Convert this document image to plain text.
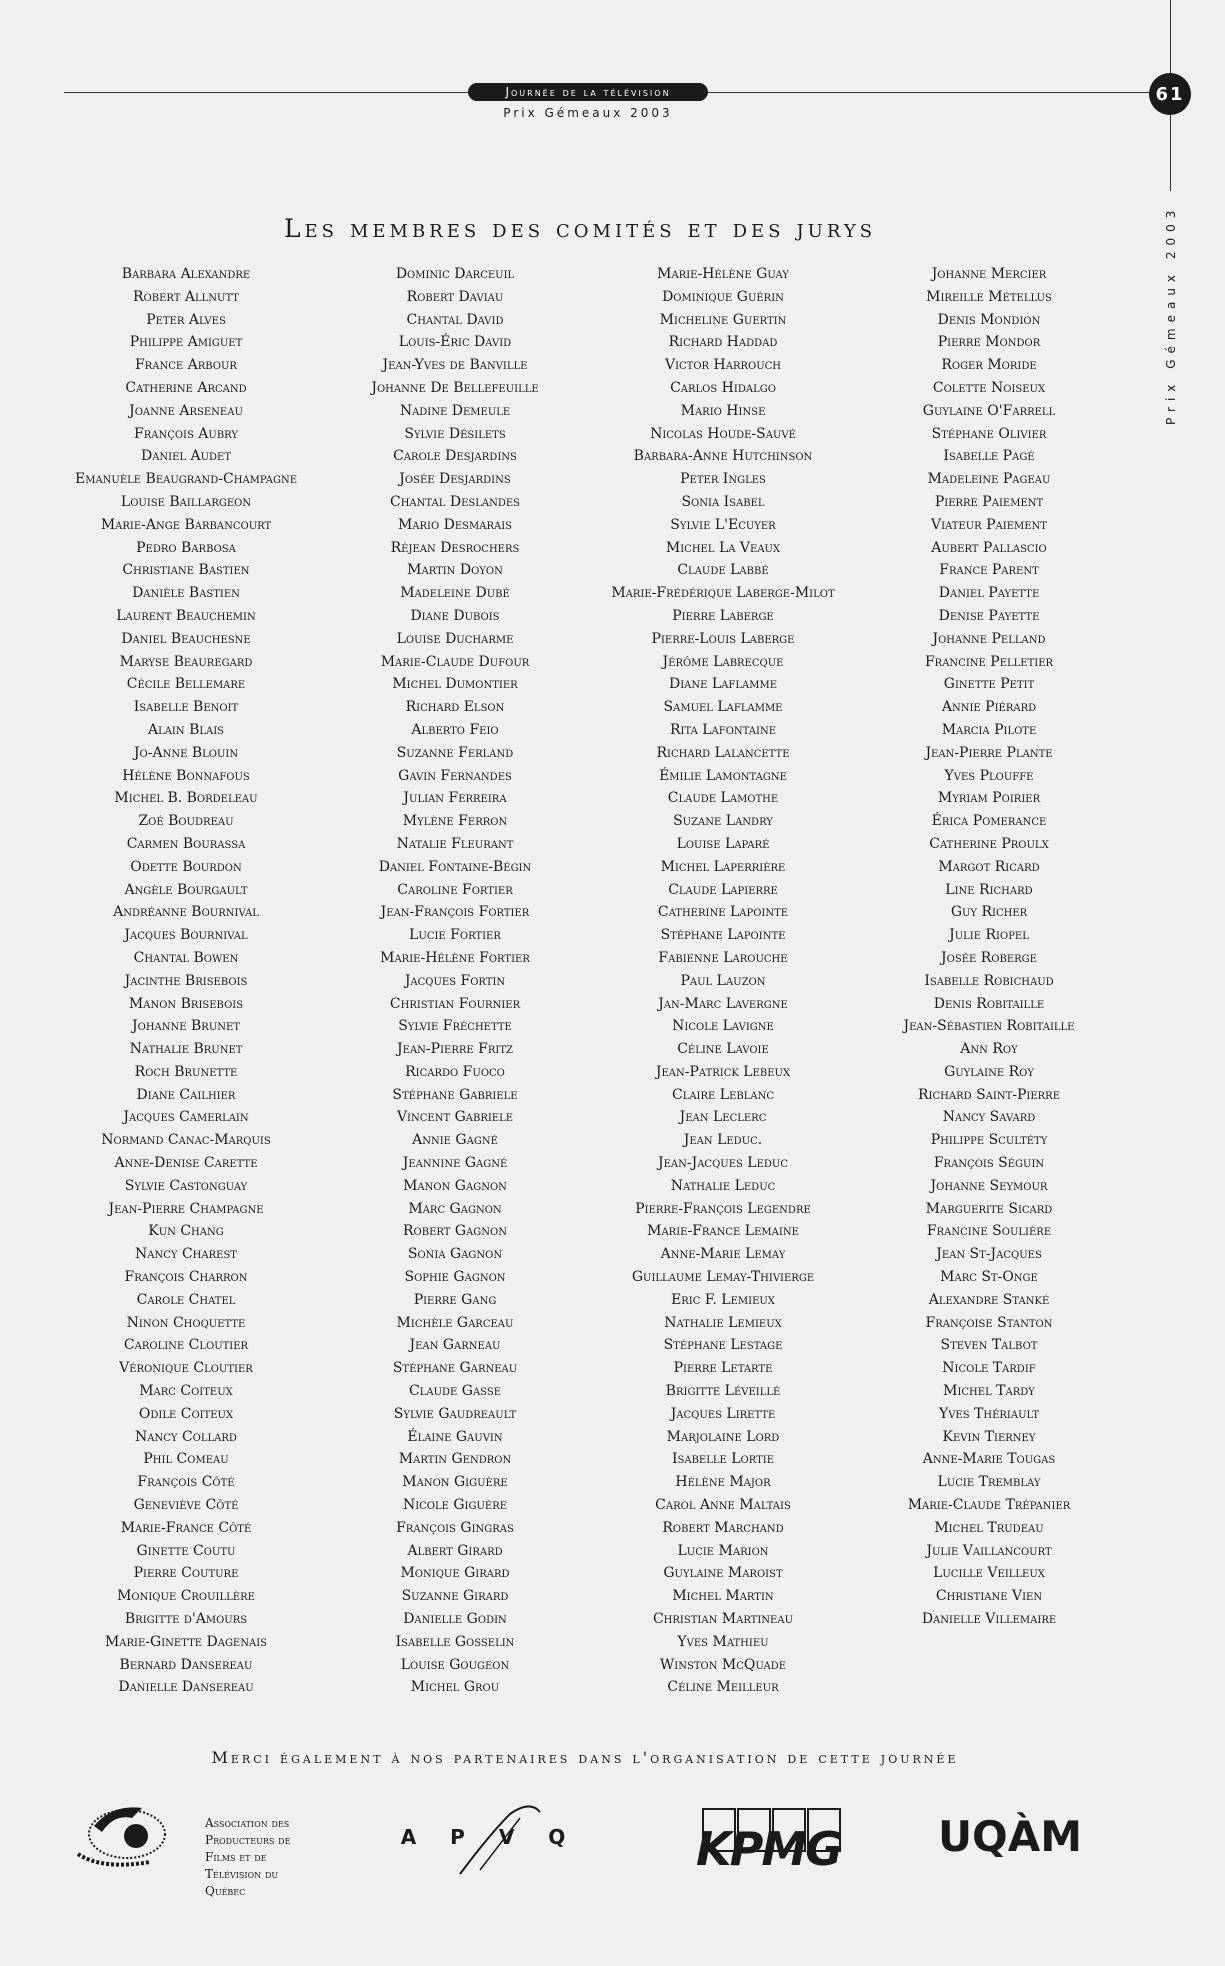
Journée de la télévision
Prix Gémeaux 2003
61
Prix Gémeaux 2003
Les membres des comités et des jurys
Barbara Alexandre
Robert Allnutt
Peter Alves
Philippe Amiguet
France Arbour
Catherine Arcand
Joanne Arseneau
François Aubry
Daniel Audet
Emanuèle Beaugrand-Champagne
Louise Baillargeon
Marie-Ange Barbancourt
Pedro Barbosa
Christiane Bastien
Danièle Bastien
Laurent Beauchemin
Daniel Beauchesne
Maryse Beauregard
Cécile Bellemare
Isabelle Benoit
Alain Blais
Jo-Anne Blouin
Hélène Bonnafous
Michel B. Bordeleau
Zoé Boudreau
Carmen Bourassa
Odette Bourdon
Angèle Bourgault
Andréanne Bournival
Jacques Bournival
Chantal Bowen
Jacinthe Brisebois
Manon Brisebois
Johanne Brunet
Nathalie Brunet
Roch Brunette
Diane Cailhier
Jacques Camerlain
Normand Canac-Marquis
Anne-Denise Carette
Sylvie Castonguay
Jean-Pierre Champagne
Kun Chang
Nancy Charest
François Charron
Carole Chatel
Ninon Choquette
Caroline Cloutier
Véronique Cloutier
Marc Coiteux
Odile Coiteux
Nancy Collard
Phil Comeau
François Côté
Geneviève Côté
Marie-France Côté
Ginette Coutu
Pierre Couture
Monique Crouillère
Brigitte d'Amours
Marie-Ginette Dagenais
Bernard Dansereau
Danielle Dansereau
Dominic Darceuil
Robert Daviau
Chantal David
Louis-Éric David
Jean-Yves de Banville
Johanne De Bellefeuille
Nadine Demeule
Sylvie Désilets
Carole Desjardins
Josée Desjardins
Chantal Deslandes
Mario Desmarais
Réjean Desrochers
Martin Doyon
Madeleine Dubé
Diane Dubois
Louise Ducharme
Marie-Claude Dufour
Michel Dumontier
Richard Elson
Alberto Feio
Suzanne Ferland
Gavin Fernandes
Julian Ferreira
Mylène Ferron
Natalie Fleurant
Daniel Fontaine-Bégin
Caroline Fortier
Jean-François Fortier
Lucie Fortier
Marie-Hélène Fortier
Jacques Fortin
Christian Fournier
Sylvie Fréchette
Jean-Pierre Fritz
Ricardo Fuoco
Stéphane Gabriele
Vincent Gabriele
Annie Gagné
Jeannine Gagné
Manon Gagnon
Marc Gagnon
Robert Gagnon
Sonia Gagnon
Sophie Gagnon
Pierre Gang
Michèle Garceau
Jean Garneau
Stéphane Garneau
Claude Gasse
Sylvie Gaudreault
Élaine Gauvin
Martin Gendron
Manon Giguère
Nicole Giguère
François Gingras
Albert Girard
Monique Girard
Suzanne Girard
Danielle Godin
Isabelle Gosselin
Louise Gougeon
Michel Grou
Marie-Hélène Guay
Dominique Guérin
Micheline Guertin
Richard Haddad
Victor Harrouch
Carlos Hidalgo
Mario Hinse
Nicolas Houde-Sauvé
Barbara-Anne Hutchinson
Peter Ingles
Sonia Isabel
Sylvie L'Ecuyer
Michel La Veaux
Claude Labbé
Marie-Frédérique Laberge-Milot
Pierre Laberge
Pierre-Louis Laberge
Jérôme Labrecque
Diane Laflamme
Samuel Laflamme
Rita Lafontaine
Richard Lalancette
Émilie Lamontagne
Claude Lamothe
Suzane Landry
Louise Laparé
Michel Laperrière
Claude Lapierre
Catherine Lapointe
Stéphane Lapointe
Fabienne Larouche
Paul Lauzon
Jan-Marc Lavergne
Nicole Lavigne
Céline Lavoie
Jean-Patrick Lebeux
Claire Leblanc
Jean Leclerc
Jean Leduc.
Jean-Jacques Leduc
Nathalie Leduc
Pierre-François Legendre
Marie-France Lemaine
Anne-Marie Lemay
Guillaume Lemay-Thivierge
Eric F. Lemieux
Nathalie Lemieux
Stéphane Lestage
Pierre Letarte
Brigitte Léveillé
Jacques Lirette
Marjolaine Lord
Isabelle Lortie
Hélène Major
Carol Anne Maltais
Robert Marchand
Lucie Marion
Guylaine Maroist
Michel Martin
Christian Martineau
Yves Mathieu
Winston McQuade
Céline Meilleur
Johanne Mercier
Mireille Métellus
Denis Mondion
Pierre Mondor
Roger Moride
Colette Noiseux
Guylaine O'Farrell
Stéphane Olivier
Isabelle Pagé
Madeleine Pageau
Pierre Paiement
Viateur Paiement
Aubert Pallascio
France Parent
Daniel Payette
Denise Payette
Johanne Pelland
Francine Pelletier
Ginette Petit
Annie Piérard
Marcia Pilote
Jean-Pierre Plante
Yves Plouffe
Myriam Poirier
Érica Pomerance
Catherine Proulx
Margot Ricard
Line Richard
Guy Richer
Julie Riopel
Josée Roberge
Isabelle Robichaud
Denis Robitaille
Jean-Sébastien Robitaille
Ann Roy
Guylaine Roy
Richard Saint-Pierre
Nancy Savard
Philippe Scultéty
François Séguin
Johanne Seymour
Marguerite Sicard
Francine Soulière
Jean St-Jacques
Marc St-Onge
Alexandre Stanké
Françoise Stanton
Steven Talbot
Nicole Tardif
Michel Tardy
Yves Thériault
Kevin Tierney
Anne-Marie Tougas
Lucie Tremblay
Marie-Claude Trépanier
Michel Trudeau
Julie Vaillancourt
Lucille Veilleux
Christiane Vien
Danielle Villemaire
Merci également à nos partenaires dans l'organisation de cette journée
Association des
Producteurs de
Films et de
Télévision du
Québec
APVQ KPMG UQÀM
